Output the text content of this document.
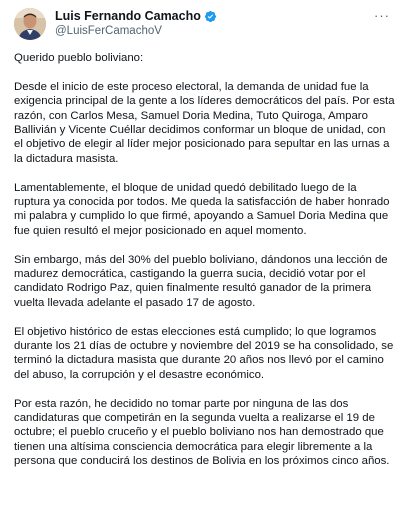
Luis Fernando Camacho
@LuisFerCamachoV
···

Querido pueblo boliviano:

Desde el inicio de este proceso electoral, la demanda de unidad fue la
exigencia principal de la gente a los líderes democráticos del país. Por esta
razón, con Carlos Mesa, Samuel Doria Medina, Tuto Quiroga, Amparo
Ballivián y Vicente Cuéllar decidimos conformar un bloque de unidad, con
el objetivo de elegir al líder mejor posicionado para sepultar en las urnas a
la dictadura masista.

Lamentablemente, el bloque de unidad quedó debilitado luego de la
ruptura ya conocida por todos. Me queda la satisfacción de haber honrado
mi palabra y cumplido lo que firmé, apoyando a Samuel Doria Medina que
fue quien resultó el mejor posicionado en aquel momento.

Sin embargo, más del 30% del pueblo boliviano, dándonos una lección de
madurez democrática, castigando la guerra sucia, decidió votar por el
candidato Rodrigo Paz, quien finalmente resultó ganador de la primera
vuelta llevada adelante el pasado 17 de agosto.

El objetivo histórico de estas elecciones está cumplido; lo que logramos
durante los 21 días de octubre y noviembre del 2019 se ha consolidado, se
terminó la dictadura masista que durante 20 años nos llevó por el camino
del abuso, la corrupción y el desastre económico.

Por esta razón, he decidido no tomar parte por ninguna de las dos
candidaturas que competirán en la segunda vuelta a realizarse el 19 de
octubre; el pueblo cruceño y el pueblo boliviano nos han demostrado que
tienen una altísima consciencia democrática para elegir libremente a la
persona que conducirá los destinos de Bolivia en los próximos cinco años.
